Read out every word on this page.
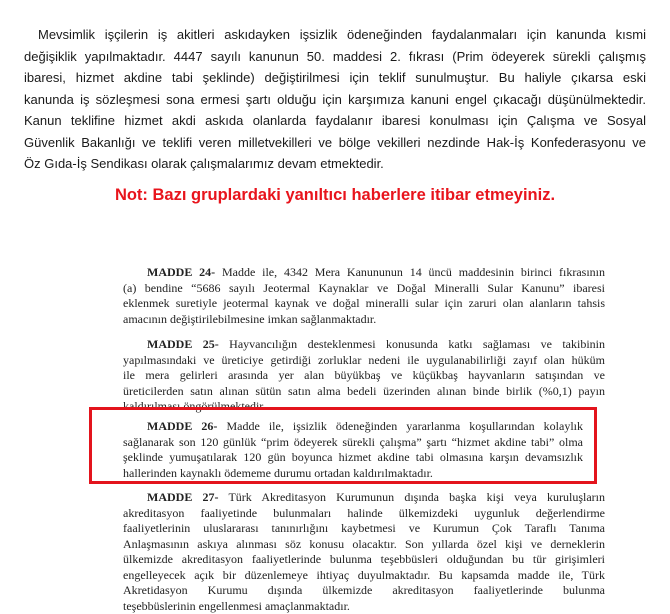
Mevsimlik işçilerin iş akitleri askıdayken işsizlik ödeneğinden faydalanmaları için kanunda kısmi
değişiklik yapılmaktadır. 4447 sayılı kanunun 50. maddesi 2. fıkrası (Prim ödeyerek sürekli çalışmış
ibaresi, hizmet akdine tabi şeklinde) değiştirilmesi için teklif sunulmuştur. Bu haliyle çıkarsa eski
kanunda iş sözleşmesi sona ermesi şartı olduğu için karşımıza kanuni engel çıkacağı düşünülmektedir.
Kanun teklifine hizmet akdi askıda olanlarda faydalanır ibaresi konulması için Çalışma ve Sosyal
Güvenlik Bakanlığı ve teklifi veren milletvekilleri ve bölge vekilleri nezdinde Hak-İş Konfederasyonu ve
Öz Gıda-İş Sendikası olarak çalışmalarımız devam etmektedir.
Not: Bazı gruplardaki yanıltıcı haberlere itibar etmeyiniz.
MADDE 24- Madde ile, 4342 Mera Kanununun 14 üncü maddesinin birinci fıkrasının
(a) bendine “5686 sayılı Jeotermal Kaynaklar ve Doğal Mineralli Sular Kanunu” ibaresi
eklenmek suretiyle jeotermal kaynak ve doğal mineralli sular için zaruri olan alanların tahsis
amacının değiştirilebilmesine imkan sağlanmaktadır.
MADDE 25- Hayvancılığın desteklenmesi konusunda katkı sağlaması ve takibinin
yapılmasındaki ve üreticiye getirdiği zorluklar nedeni ile uygulanabilirliği zayıf olan hüküm
ile mera gelirleri arasında yer alan büyükbaş ve küçükbaş hayvanların satışından ve
üreticilerden satın alınan sütün satın alma bedeli üzerinden alınan binde birlik (%0,1) payın
kaldırılması öngörülmektedir.
MADDE 26- Madde ile, işsizlik ödeneğinden yararlanma koşullarından kolaylık
sağlanarak son 120 günlük “prim ödeyerek sürekli çalışma” şartı “hizmet akdine tabi” olma
şeklinde yumuşatılarak 120 gün boyunca hizmet akdine tabi olmasına karşın devamsızlık
hallerinden kaynaklı ödememe durumu ortadan kaldırılmaktadır.
MADDE 27- Türk Akreditasyon Kurumunun dışında başka kişi veya kuruluşların
akreditasyon faaliyetinde bulunmaları halinde ülkemizdeki uygunluk değerlendirme
faaliyetlerinin uluslararası tanınırlığını kaybetmesi ve Kurumun Çok Taraflı Tanıma
Anlaşmasının askıya alınması söz konusu olacaktır. Son yıllarda özel kişi ve derneklerin
ülkemizde akreditasyon faaliyetlerinde bulunma teşebbüsleri olduğundan bu tür girişimleri
engelleyecek açık bir düzenlemeye ihtiyaç duyulmaktadır. Bu kapsamda madde ile, Türk
Akretidasyon Kurumu dışında ülkemizde akreditasyon faaliyetlerinde bulunma
teşebbüslerinin engellenmesi amaçlanmaktadır.
